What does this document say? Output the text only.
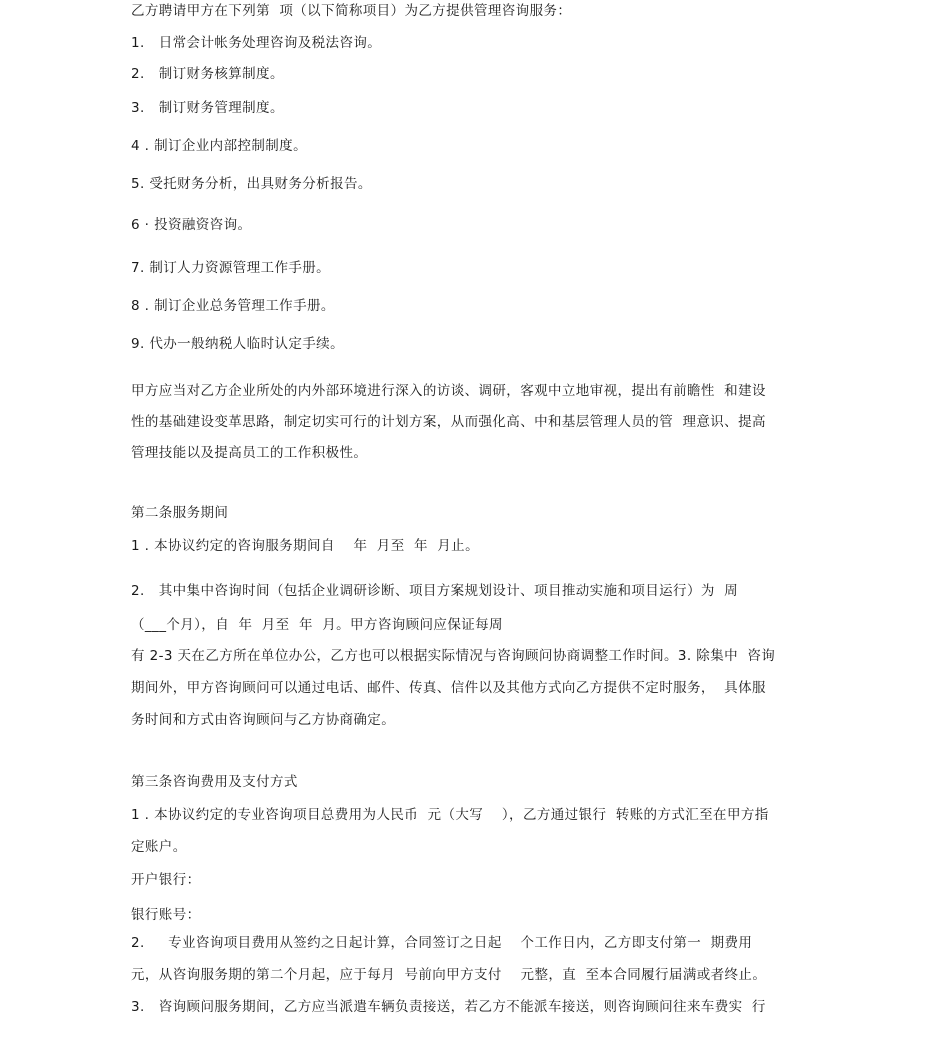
乙方聘请甲方在下列第  项（以下简称项目）为乙方提供管理咨询服务：
1.   日常会计帐务处理咨询及税法咨询。
2.   制订财务核算制度。
3.   制订财务管理制度。
4 . 制订企业内部控制制度。
5. 受托财务分析，出具财务分析报告。
6 · 投资融资咨询。
7. 制订人力资源管理工作手册。
8 . 制订企业总务管理工作手册。
9. 代办一般纳税人临时认定手续。
甲方应当对乙方企业所处的内外部环境进行深入的访谈、调研，客观中立地审视，提出有前瞻性  和建设
性的基础建设变革思路，制定切实可行的计划方案，从而强化高、中和基层管理人员的管  理意识、提高
管理技能以及提高员工的工作积极性。
第二条服务期间
1 . 本协议约定的咨询服务期间自    年  月至  年  月止。
2.   其中集中咨询时间（包括企业调研诊断、项目方案规划设计、项目推动实施和项目运行）为  周
（___个月），自  年  月至  年  月。甲方咨询顾问应保证每周
有 2-3 天在乙方所在单位办公，乙方也可以根据实际情况与咨询顾问协商调整工作时间。3. 除集中  咨询
期间外，甲方咨询顾问可以通过电话、邮件、传真、信件以及其他方式向乙方提供不定时服务，  具体服
务时间和方式由咨询顾问与乙方协商确定。
第三条咨询费用及支付方式
1 . 本协议约定的专业咨询项目总费用为人民币  元（大写    ），乙方通过银行  转账的方式汇至在甲方指
定账户。
开户银行：
银行账号：
2.     专业咨询项目费用从签约之日起计算，合同签订之日起    个工作日内，乙方即支付第一  期费用
元，从咨询服务期的第二个月起，应于每月  号前向甲方支付    元整，直  至本合同履行届满或者终止。
3.   咨询顾问服务期间，乙方应当派遣车辆负责接送，若乙方不能派车接送，则咨询顾问往来车费实  行
